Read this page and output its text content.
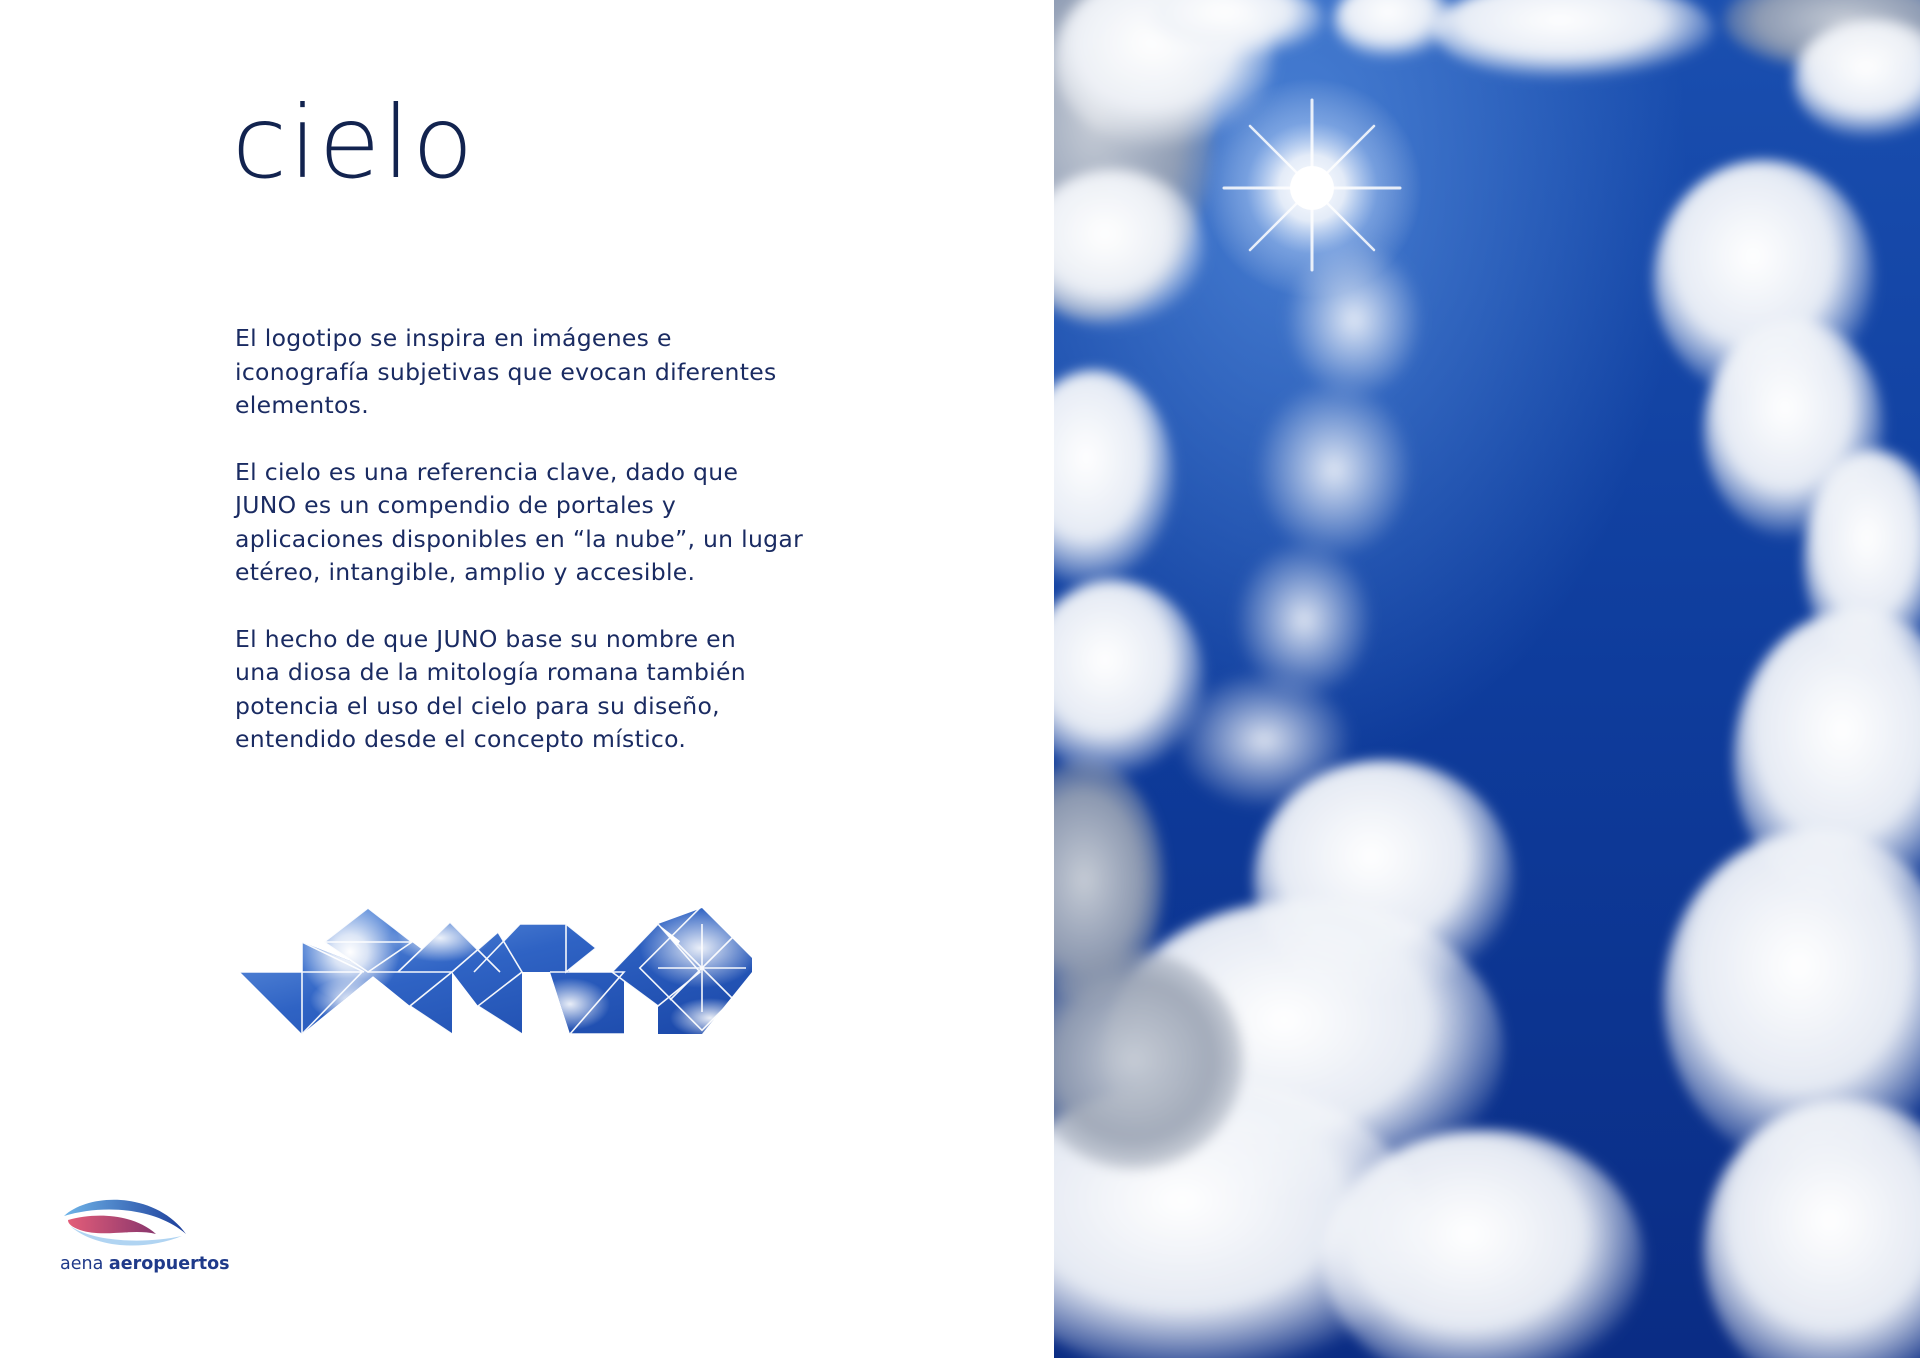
cielo

El logotipo se inspira en imágenes e
iconografía subjetivas que evocan diferentes
elementos.

El cielo es una referencia clave, dado que
JUNO es un compendio de portales y
aplicaciones disponibles en “la nube”, un lugar
etéreo, intangible, amplio y accesible.

El hecho de que JUNO base su nombre en
una diosa de la mitología romana también
potencia el uso del cielo para su diseño,
entendido desde el concepto místico.

aena aeropuertos
